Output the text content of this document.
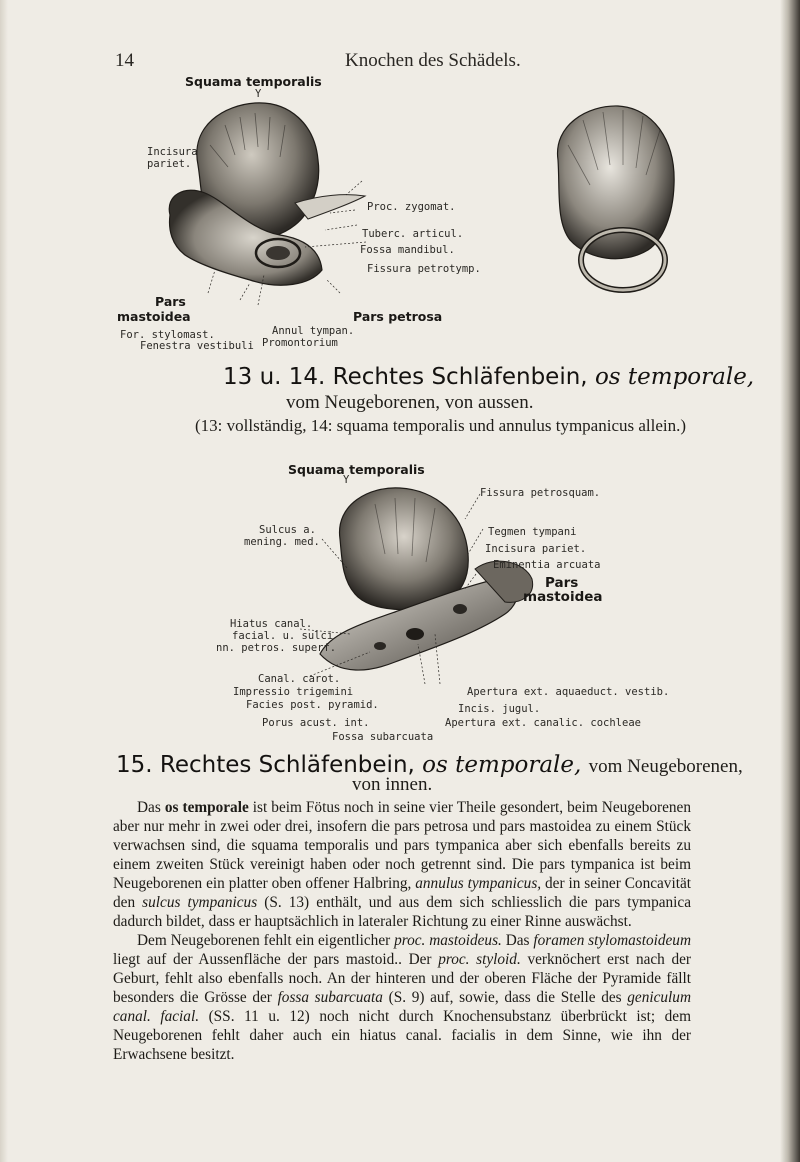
14	Knochen des Schädels.
Squama temporalis
Y
Incisura
pariet.
Proc. zygomat.
Tuberc. articul.
Fossa mandibul.
Fissura petrotymp.
Pars
mastoidea	Pars petrosa
For. stylomast.
Fenestra vestibuli
Annul tympan.
Promontorium
13 u. 14. Rechtes Schläfenbein, os temporale,
vom Neugeborenen, von aussen.
(13: vollständig, 14: squama temporalis und annulus tympanicus allein.)
Squama temporalis
Y
Fissura petrosquam.
Sulcus a.
mening. med.
Tegmen tympani
Incisura pariet.
Eminentia arcuata
Pars
mastoidea
Hiatus canal.
facial. u. sulci
nn. petros. superf.
Canal. carot.
Impressio trigemini
Facies post. pyramid.
Apertura ext. aquaeduct. vestib.
Incis. jugul.
Porus acust. int.	Apertura ext. canalic. cochleae
Fossa subarcuata
15. Rechtes Schläfenbein, os temporale, vom Neugeborenen,
von innen.

Das os temporale ist beim Fötus noch in seine vier Theile gesondert, beim Neugeborenen aber nur mehr in zwei oder drei, insofern die pars petrosa und pars mastoidea zu einem Stück verwachsen sind, die squama temporalis und pars tympanica aber sich ebenfalls bereits zu einem zweiten Stück vereinigt haben oder noch getrennt sind. Die pars tympanica ist beim Neugeborenen ein platter oben offener Halbring, annulus tympanicus, der in seiner Concavität den sulcus tympanicus (S. 13) enthält, und aus dem sich schliesslich die pars tympanica dadurch bildet, dass er hauptsächlich in lateraler Richtung zu einer Rinne auswächst.

Dem Neugeborenen fehlt ein eigentlicher proc. mastoideus. Das foramen stylomastoideum liegt auf der Aussenfläche der pars mastoid.. Der proc. styloid. verknöchert erst nach der Geburt, fehlt also ebenfalls noch. An der hinteren und der oberen Fläche der Pyramide fällt besonders die Grösse der fossa subarcuata (S. 9) auf, sowie, dass die Stelle des geniculum canal. facial. (SS. 11 u. 12) noch nicht durch Knochensubstanz überbrückt ist; dem Neugeborenen fehlt daher auch ein hiatus canal. facialis in dem Sinne, wie ihn der Erwachsene besitzt.
